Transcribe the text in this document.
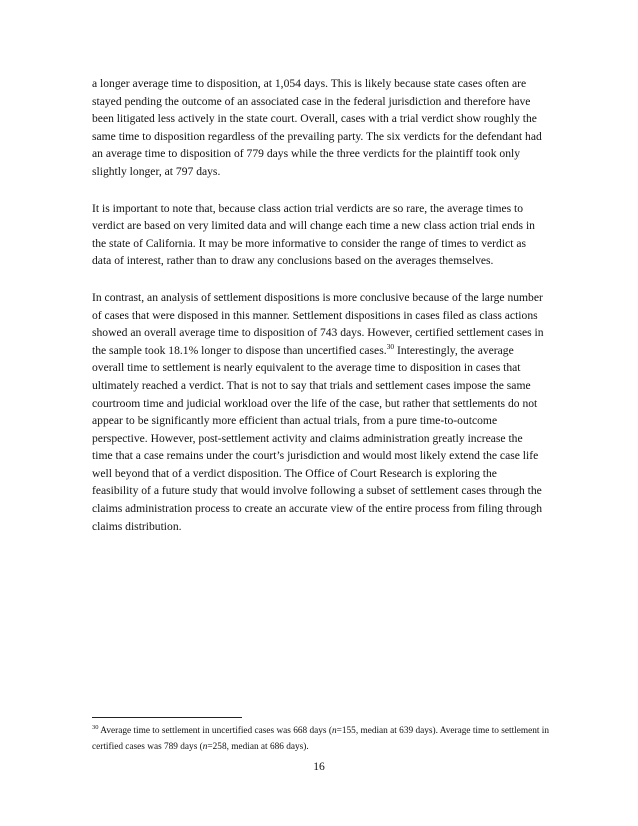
a longer average time to disposition, at 1,054 days. This is likely because state cases often are stayed pending the outcome of an associated case in the federal jurisdiction and therefore have been litigated less actively in the state court. Overall, cases with a trial verdict show roughly the same time to disposition regardless of the prevailing party. The six verdicts for the defendant had an average time to disposition of 779 days while the three verdicts for the plaintiff took only slightly longer, at 797 days.

It is important to note that, because class action trial verdicts are so rare, the average times to verdict are based on very limited data and will change each time a new class action trial ends in the state of California. It may be more informative to consider the range of times to verdict as data of interest, rather than to draw any conclusions based on the averages themselves.

In contrast, an analysis of settlement dispositions is more conclusive because of the large number of cases that were disposed in this manner. Settlement dispositions in cases filed as class actions showed an overall average time to disposition of 743 days. However, certified settlement cases in the sample took 18.1% longer to dispose than uncertified cases.$^{30}$ Interestingly, the average overall time to settlement is nearly equivalent to the average time to disposition in cases that ultimately reached a verdict. That is not to say that trials and settlement cases impose the same courtroom time and judicial workload over the life of the case, but rather that settlements do not appear to be significantly more efficient than actual trials, from a pure time-to-outcome perspective. However, post-settlement activity and claims administration greatly increase the time that a case remains under the court’s jurisdiction and would most likely extend the case life well beyond that of a verdict disposition. The Office of Court Research is exploring the feasibility of a future study that would involve following a subset of settlement cases through the claims administration process to create an accurate view of the entire process from filing through claims distribution.

$^{30}$ Average time to settlement in uncertified cases was 668 days (n=155, median at 639 days). Average time to settlement in certified cases was 789 days (n=258, median at 686 days).
16
